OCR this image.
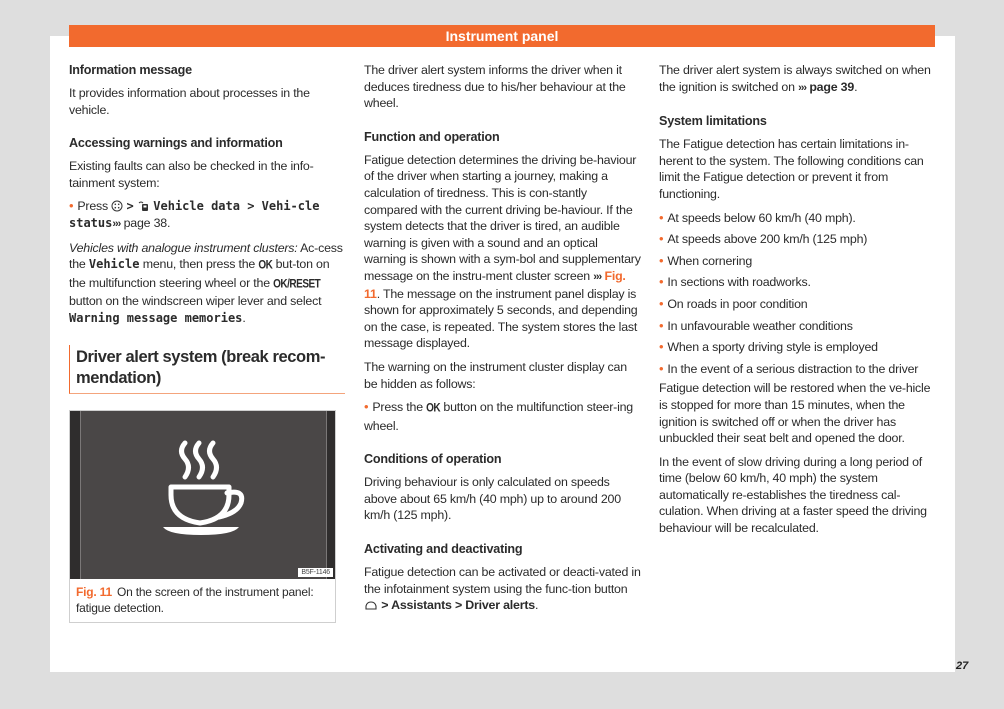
Instrument panel
Information message

It provides information about processes in the vehicle.

Accessing warnings and information

Existing faults can also be checked in the info-tainment system:

• Press > Vehicle data > Vehi-cle status››› page 38.

Vehicles with analogue instrument clusters: Ac-cess the Vehicle menu, then press the OK but-ton on the multifunction steering wheel or the OK/RESET button on the windscreen wiper lever and select Warning message memories.

Driver alert system (break recom-mendation)
B5F-1146
Fig. 11 On the screen of the instrument panel: fatigue detection.

The driver alert system informs the driver when it deduces tiredness due to his/her behaviour at the wheel.

Function and operation

Fatigue detection determines the driving be-haviour of the driver when starting a journey, making a calculation of tiredness. This is con-stantly compared with the current driving be-haviour. If the system detects that the driver is tired, an audible warning is given with a sound and an optical warning is shown with a sym-bol and supplementary message on the instru-ment cluster screen ››› Fig. 11. The message on the instrument panel display is shown for approximately 5 seconds, and depending on the case, is repeated. The system stores the last message displayed.

The warning on the instrument cluster display can be hidden as follows:

• Press the OK button on the multifunction steer-ing wheel.

Conditions of operation

Driving behaviour is only calculated on speeds above about 65 km/h (40 mph) up to around 200 km/h (125 mph).

Activating and deactivating

Fatigue detection can be activated or deacti-vated in the infotainment system using the func-tion button
> Assistants > Driver alerts.

The driver alert system is always switched on when the ignition is switched on ››› page 39.

System limitations

The Fatigue detection has certain limitations in-herent to the system. The following conditions can limit the Fatigue detection or prevent it from functioning.

• At speeds below 60 km/h (40 mph).

• At speeds above 200 km/h (125 mph)

• When cornering

• In sections with roadworks.

• On roads in poor condition

• In unfavourable weather conditions

• When a sporty driving style is employed

• In the event of a serious distraction to the driver

Fatigue detection will be restored when the ve-hicle is stopped for more than 15 minutes, when the ignition is switched off or when the driver has unbuckled their seat belt and opened the door.

In the event of slow driving during a long period of time (below 60 km/h, 40 mph) the system automatically re-establishes the tiredness cal-culation. When driving at a faster speed the driving behaviour will be recalculated.

27
